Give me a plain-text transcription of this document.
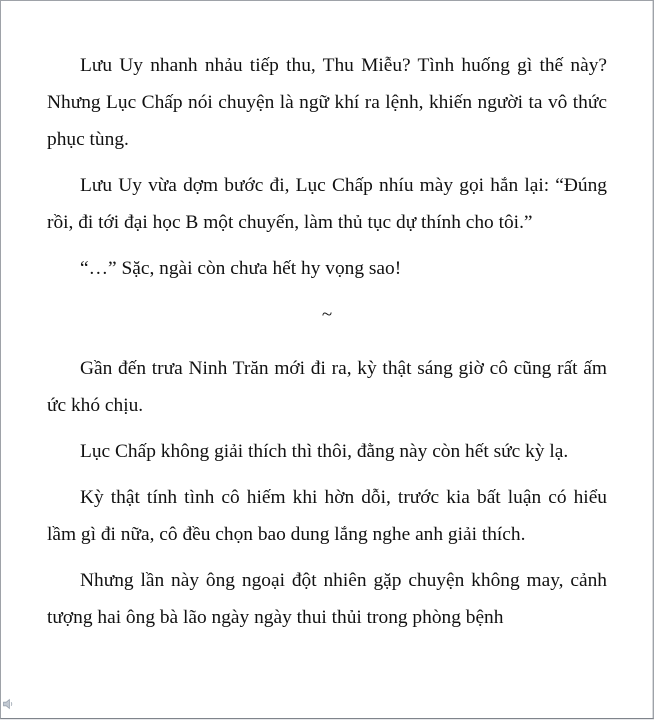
Lưu Uy nhanh nhảu tiếp thu, Thu Miễu? Tình huống gì thế này? Nhưng Lục Chấp nói chuyện là ngữ khí ra lệnh, khiến người ta vô thức phục tùng.

Lưu Uy vừa dợm bước đi, Lục Chấp nhíu mày gọi hắn lại: “Đúng rồi, đi tới đại học B một chuyến, làm thủ tục dự thính cho tôi.”

“…” Sặc, ngài còn chưa hết hy vọng sao!

~

Gần đến trưa Ninh Trăn mới đi ra, kỳ thật sáng giờ cô cũng rất ấm ức khó chịu.

Lục Chấp không giải thích thì thôi, đằng này còn hết sức kỳ lạ.

Kỳ thật tính tình cô hiếm khi hờn dỗi, trước kia bất luận có hiểu lầm gì đi nữa, cô đều chọn bao dung lắng nghe anh giải thích.

Nhưng lần này ông ngoại đột nhiên gặp chuyện không may, cảnh tượng hai ông bà lão ngày ngày thui thủi trong phòng bệnh
